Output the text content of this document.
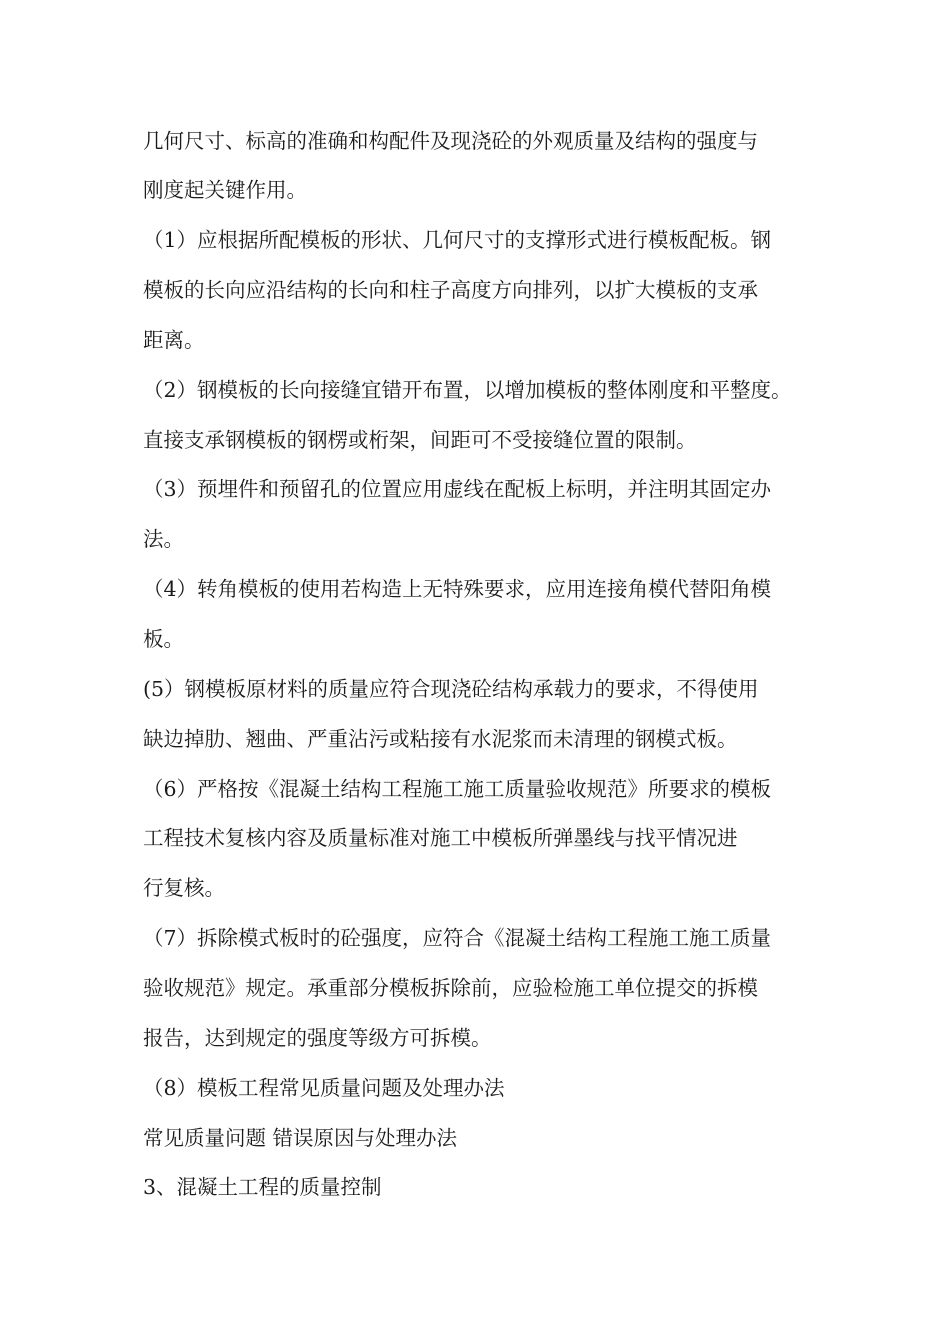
几何尺寸、标高的准确和构配件及现浇砼的外观质量及结构的强度与
刚度起关键作用。
（1）应根据所配模板的形状、几何尺寸的支撑形式进行模板配板。钢
模板的长向应沿结构的长向和柱子高度方向排列，以扩大模板的支承
距离。
（2）钢模板的长向接缝宜错开布置，以增加模板的整体刚度和平整度。
直接支承钢模板的钢楞或桁架，间距可不受接缝位置的限制。
（3）预埋件和预留孔的位置应用虚线在配板上标明，并注明其固定办
法。
（4）转角模板的使用若构造上无特殊要求，应用连接角模代替阳角模
板。
(5）钢模板原材料的质量应符合现浇砼结构承载力的要求，不得使用
缺边掉肋、翘曲、严重沾污或粘接有水泥浆而未清理的钢模式板。
（6）严格按《混凝土结构工程施工施工质量验收规范》所要求的模板
工程技术复核内容及质量标准对施工中模板所弹墨线与找平情况进
行复核。
（7）拆除模式板时的砼强度，应符合《混凝土结构工程施工施工质量
验收规范》规定。承重部分模板拆除前，应验检施工单位提交的拆模
报告，达到规定的强度等级方可拆模。
（8）模板工程常见质量问题及处理办法
常见质量问题 错误原因与处理办法
3、混凝土工程的质量控制
